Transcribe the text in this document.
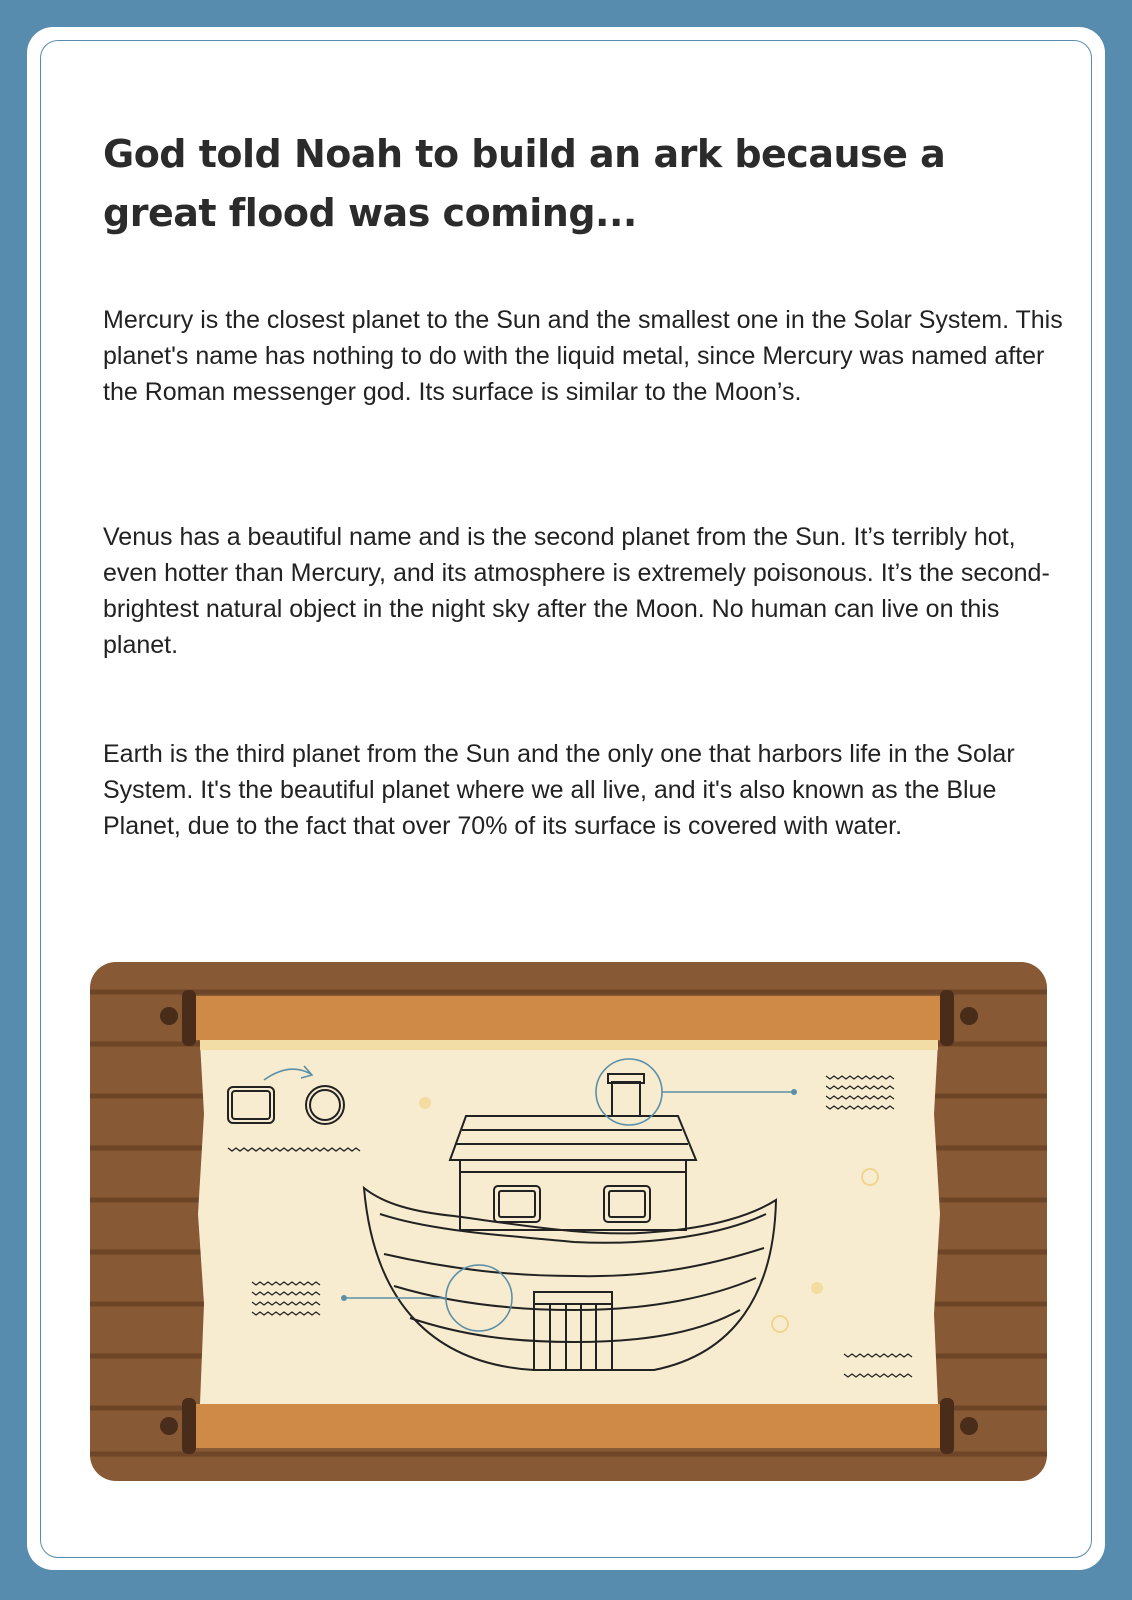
God told Noah to build an ark because a great flood was coming...

Mercury is the closest planet to the Sun and the smallest one in the Solar System. This planet's name has nothing to do with the liquid metal, since Mercury was named after the Roman messenger god. Its surface is similar to the Moon’s.

Venus has a beautiful name and is the second planet from the Sun. It’s terribly hot, even hotter than Mercury, and its atmosphere is extremely poisonous. It’s the second-brightest natural object in the night sky after the Moon. No human can live on this planet.

Earth is the third planet from the Sun and the only one that harbors life in the Solar System. It's the beautiful planet where we all live, and it's also known as the Blue Planet, due to the fact that over 70% of its surface is covered with water.
